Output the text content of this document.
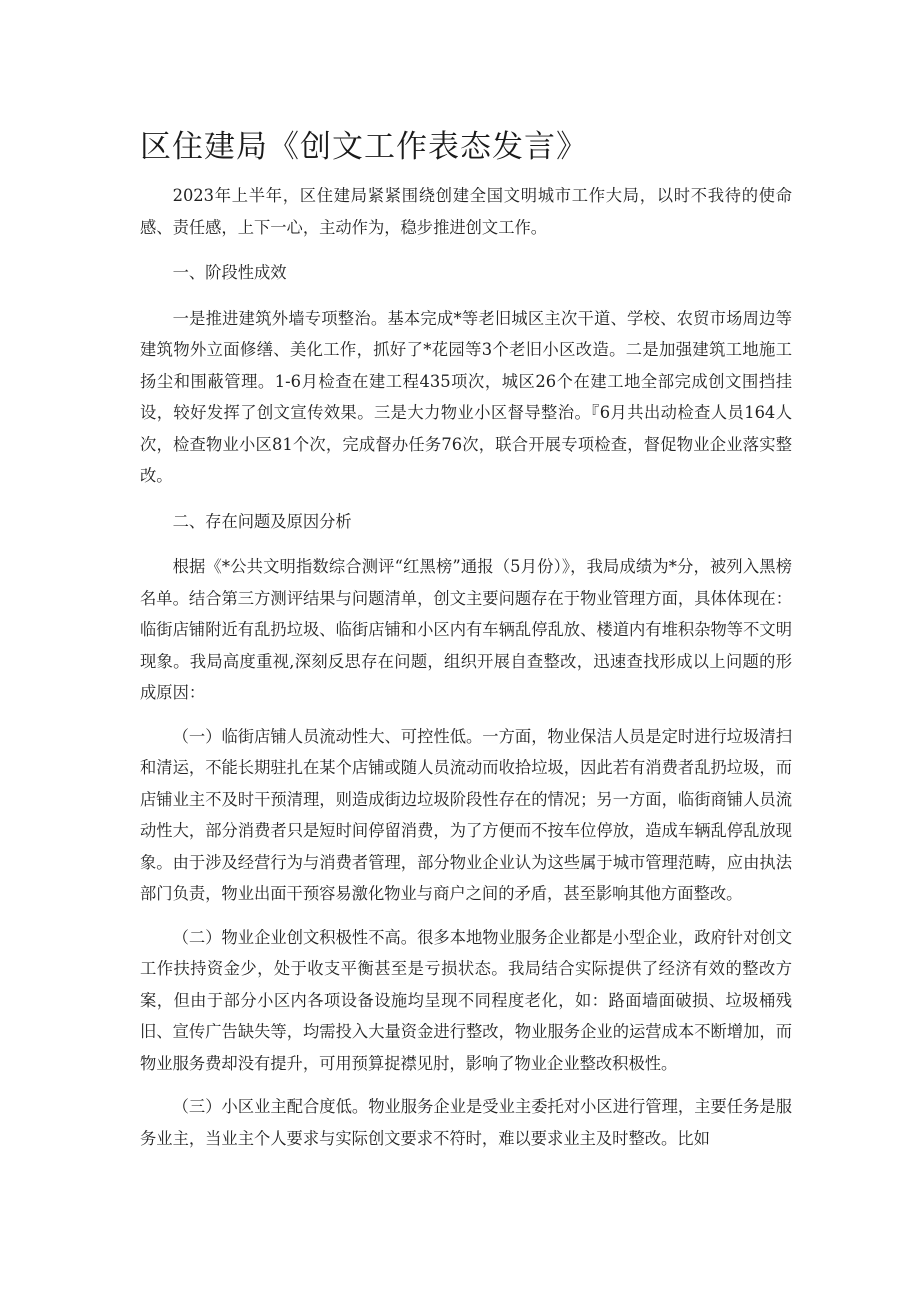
区住建局《创文工作表态发言》

2023年上半年，区住建局紧紧围绕创建全国文明城市工作大局，以时不我待的使命感、责任感，上下一心，主动作为，稳步推进创文工作。

一、阶段性成效

一是推进建筑外墙专项整治。基本完成*等老旧城区主次干道、学校、农贸市场周边等建筑物外立面修缮、美化工作，抓好了*花园等3个老旧小区改造。二是加强建筑工地施工扬尘和围蔽管理。1-6月检查在建工程435项次，城区26个在建工地全部完成创文围挡挂设，较好发挥了创文宣传效果。三是大力物业小区督导整治。『6月共出动检查人员164人次，检查物业小区81个次，完成督办任务76次，联合开展专项检查，督促物业企业落实整改。

二、存在问题及原因分析

根据《*公共文明指数综合测评“红黑榜”通报（5月份）》，我局成绩为*分，被列入黑榜名单。结合第三方测评结果与问题清单，创文主要问题存在于物业管理方面，具体体现在：临街店铺附近有乱扔垃圾、临街店铺和小区内有车辆乱停乱放、楼道内有堆积杂物等不文明现象。我局高度重视,深刻反思存在问题，组织开展自查整改，迅速查找形成以上问题的形成原因：

（一）临街店铺人员流动性大、可控性低。一方面，物业保洁人员是定时进行垃圾清扫和清运，不能长期驻扎在某个店铺或随人员流动而收拾垃圾，因此若有消费者乱扔垃圾，而店铺业主不及时干预清理，则造成街边垃圾阶段性存在的情况；另一方面，临街商铺人员流动性大，部分消费者只是短时间停留消费，为了方便而不按车位停放，造成车辆乱停乱放现象。由于涉及经营行为与消费者管理，部分物业企业认为这些属于城市管理范畴，应由执法部门负责，物业出面干预容易激化物业与商户之间的矛盾，甚至影响其他方面整改。

（二）物业企业创文积极性不高。很多本地物业服务企业都是小型企业，政府针对创文工作扶持资金少，处于收支平衡甚至是亏损状态。我局结合实际提供了经济有效的整改方案，但由于部分小区内各项设备设施均呈现不同程度老化，如：路面墙面破损、垃圾桶残旧、宣传广告缺失等，均需投入大量资金进行整改，物业服务企业的运营成本不断增加，而物业服务费却没有提升，可用预算捉襟见肘，影响了物业企业整改积极性。

（三）小区业主配合度低。物业服务企业是受业主委托对小区进行管理，主要任务是服务业主，当业主个人要求与实际创文要求不符时，难以要求业主及时整改。比如
